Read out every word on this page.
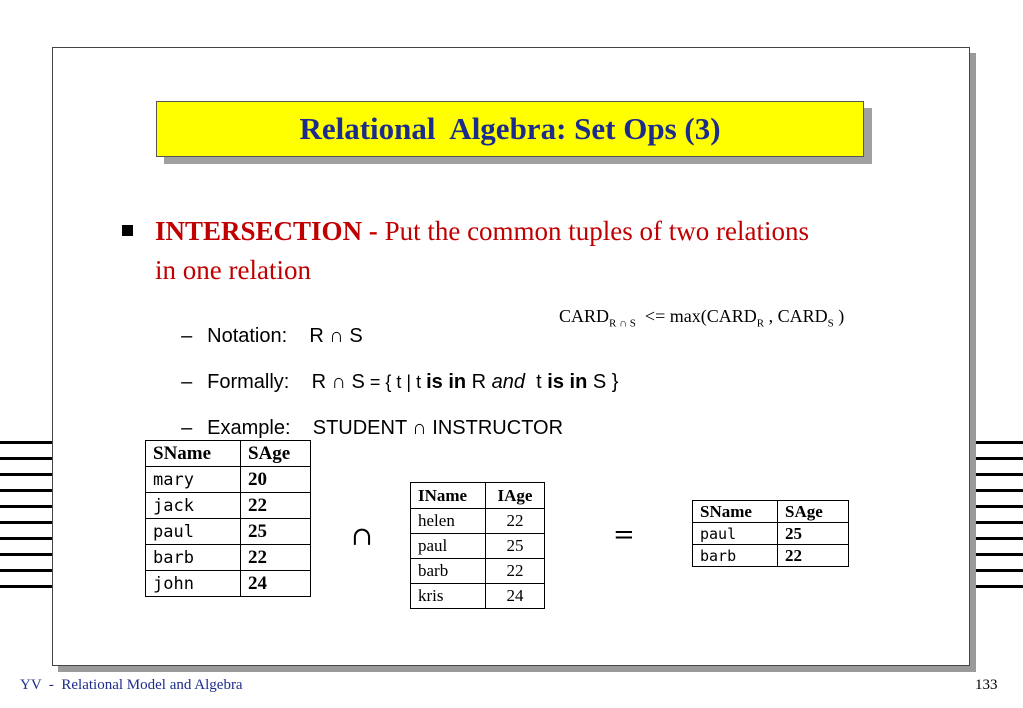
Relational  Algebra: Set Ops (3)
INTERSECTION - Put the common tuples of two relations in one relation

– Notation: R ∩ S

$CARD_{R \cap S}$  <= $\max(CARD_R$ , $CARD_S$ )

– Formally: R ∩ S = { t | t is in R and  t is in S }

– Example: STUDENT ∩ INSTRUCTOR

SName	SAge
mary	20
jack	22
paul	25
barb	22
john	24
∩
IName	IAge
helen	22
paul	25
barb	22
kris	24
=
SName	SAge
paul	25
barb	22
YV  -  Relational Model and Algebra	133
